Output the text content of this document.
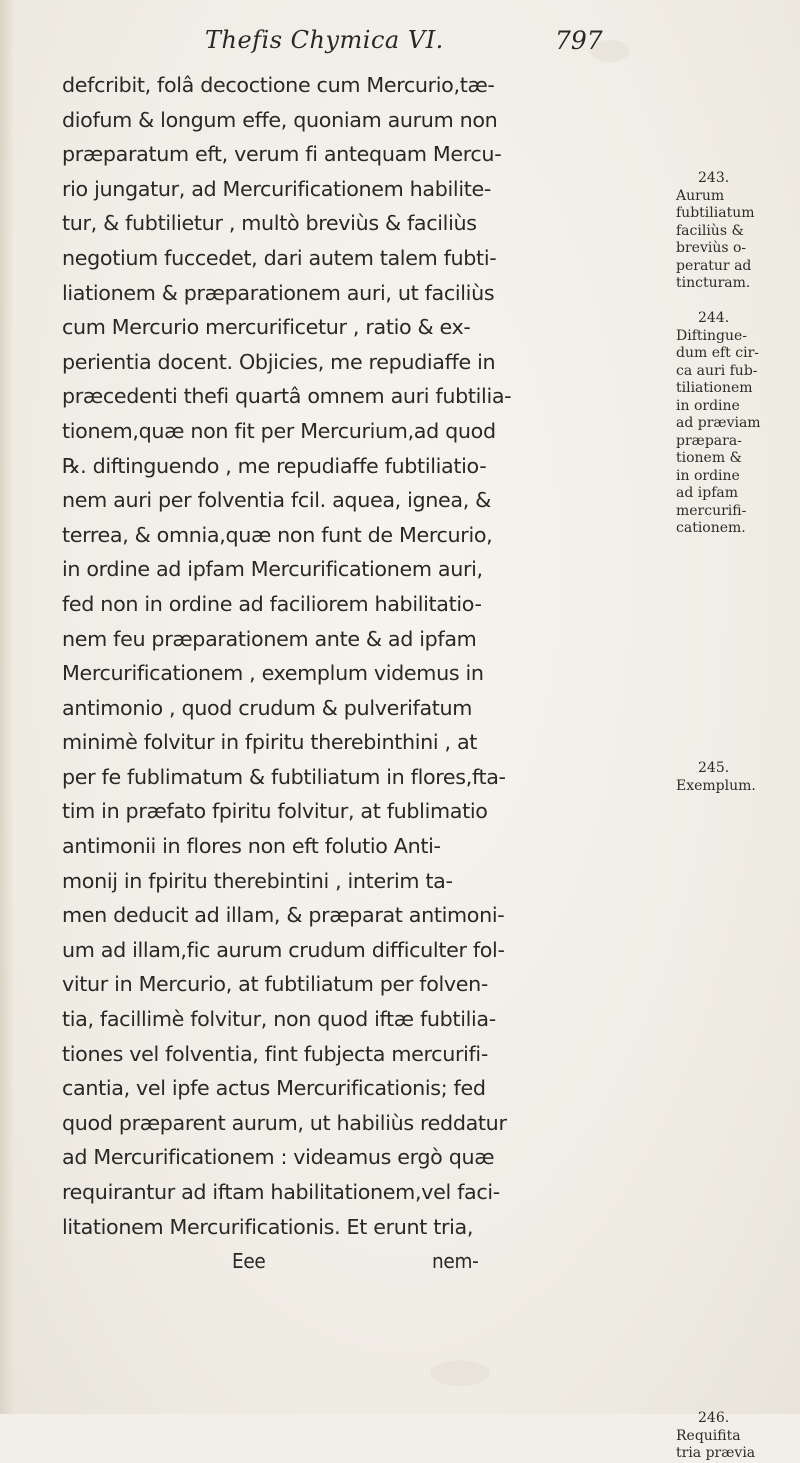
Thefis Chymica VI.	797
defcribit, folâ decoctione cum Mercurio,tæ-
diofum & longum effe, quoniam aurum non
præparatum eft, verum fi antequam Mercu-
rio jungatur, ad Mercurificationem habilite-
tur, & fubtilietur , multò breviùs & faciliùs
negotium fuccedet, dari autem talem fubti-
liationem & præparationem auri, ut faciliùs
cum Mercurio mercurificetur , ratio & ex-
perientia docent. Objicies, me repudiaffe in
præcedenti thefi quartâ omnem auri fubtilia-
tionem,quæ non fit per Mercurium,ad quod
℞. diftinguendo , me repudiaffe fubtiliatio-
nem auri per folventia fcil. aquea, ignea, &
terrea, & omnia,quæ non funt de Mercurio,
in ordine ad ipfam Mercurificationem auri,
fed non in ordine ad faciliorem habilitatio-
nem feu præparationem ante & ad ipfam
Mercurificationem , exemplum videmus in
antimonio , quod crudum & pulverifatum
minimè folvitur in fpiritu therebinthini , at
per fe fublimatum & fubtiliatum in flores,fta-
tim in præfato fpiritu folvitur, at fublimatio
antimonii in flores non eft folutio Anti-
monij in fpiritu therebintini , interim ta-
men deducit ad illam, & præparat antimoni-
um ad illam,fic aurum crudum difficulter fol-
vitur in Mercurio, at fubtiliatum per folven-
tia, facillimè folvitur, non quod iftæ fubtilia-
tiones vel folventia, fint fubjecta mercurifi-
cantia, vel ipfe actus Mercurificationis; fed
quod præparent aurum, ut habiliùs reddatur
ad Mercurificationem : videamus ergò quæ
requirantur ad iftam habilitationem,vel faci-
litationem Mercurificationis. Et erunt tria,
Eee	nem-
243.
Aurum
fubtiliatum
faciliùs &
breviùs o-
peratur ad
tincturam.
244.
Diftingue-
dum eft cir-
ca auri fub-
tiliationem
in ordine
ad præviam
præpara-
tionem &
in ordine
ad ipfam
mercurifi-
cationem.
245.
Exemplum.
246.
Requifita
tria prævia
